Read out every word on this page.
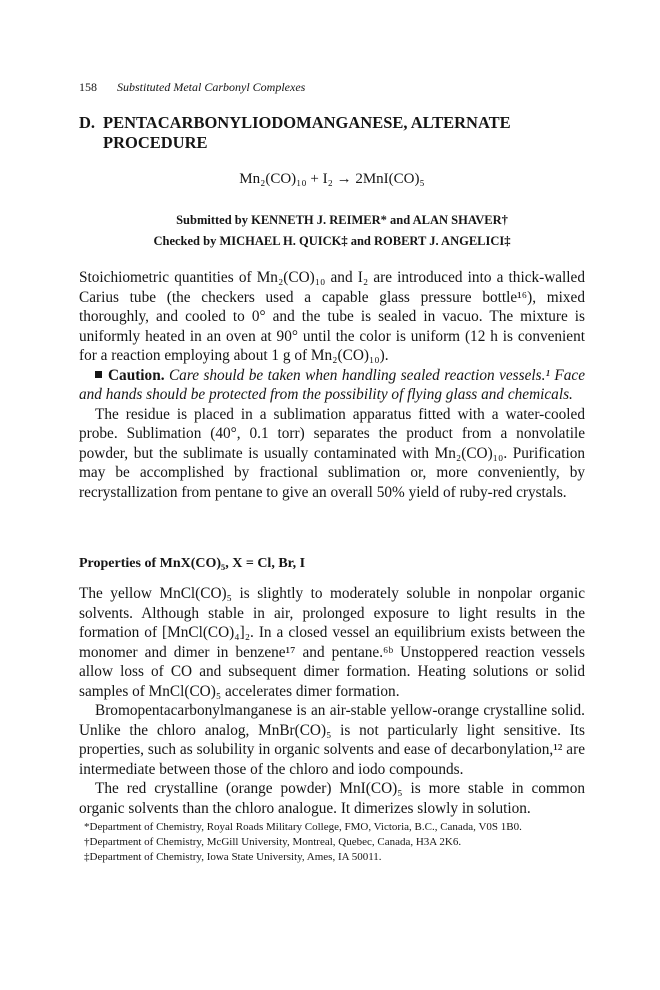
158 Substituted Metal Carbonyl Complexes
D. PENTACARBONYLIODOMANGANESE, ALTERNATE
PROCEDURE
Mn₂(CO)₁₀ + I₂ → 2MnI(CO)₅
Submitted by KENNETH J. REIMER* and ALAN SHAVER†
Checked by MICHAEL H. QUICK‡ and ROBERT J. ANGELICI‡

Stoichiometric quantities of Mn₂(CO)₁₀ and I₂ are introduced into a thick-walled Carius tube (the checkers used a capable glass pressure bottle¹⁶), mixed thoroughly, and cooled to 0° and the tube is sealed in vacuo. The mixture is uniformly heated in an oven at 90° until the color is uniform (12 h is convenient for a reaction employing about 1 g of Mn₂(CO)₁₀).

Caution. Care should be taken when handling sealed reaction vessels.¹ Face and hands should be protected from the possibility of flying glass and chemicals.

The residue is placed in a sublimation apparatus fitted with a water-cooled probe. Sublimation (40°, 0.1 torr) separates the product from a nonvolatile powder, but the sublimate is usually contaminated with Mn₂(CO)₁₀. Purification may be accomplished by fractional sublimation or, more conveniently, by recrystallization from pentane to give an overall 50% yield of ruby-red crystals.

Properties of MnX(CO)₅, X = Cl, Br, I

The yellow MnCl(CO)₅ is slightly to moderately soluble in nonpolar organic solvents. Although stable in air, prolonged exposure to light results in the formation of [MnCl(CO)₄]₂. In a closed vessel an equilibrium exists between the monomer and dimer in benzene¹⁷ and pentane.⁶ᵇ Unstoppered reaction vessels allow loss of CO and subsequent dimer formation. Heating solutions or solid samples of MnCl(CO)₅ accelerates dimer formation.

Bromopentacarbonylmanganese is an air-stable yellow-orange crystalline solid. Unlike the chloro analog, MnBr(CO)₅ is not particularly light sensitive. Its properties, such as solubility in organic solvents and ease of decarbonylation,¹² are intermediate between those of the chloro and iodo compounds.

The red crystalline (orange powder) MnI(CO)₅ is more stable in common organic solvents than the chloro analogue. It dimerizes slowly in solution.

*Department of Chemistry, Royal Roads Military College, FMO, Victoria, B.C., Canada, V0S 1B0.
†Department of Chemistry, McGill University, Montreal, Quebec, Canada, H3A 2K6.
‡Department of Chemistry, Iowa State University, Ames, IA 50011.
